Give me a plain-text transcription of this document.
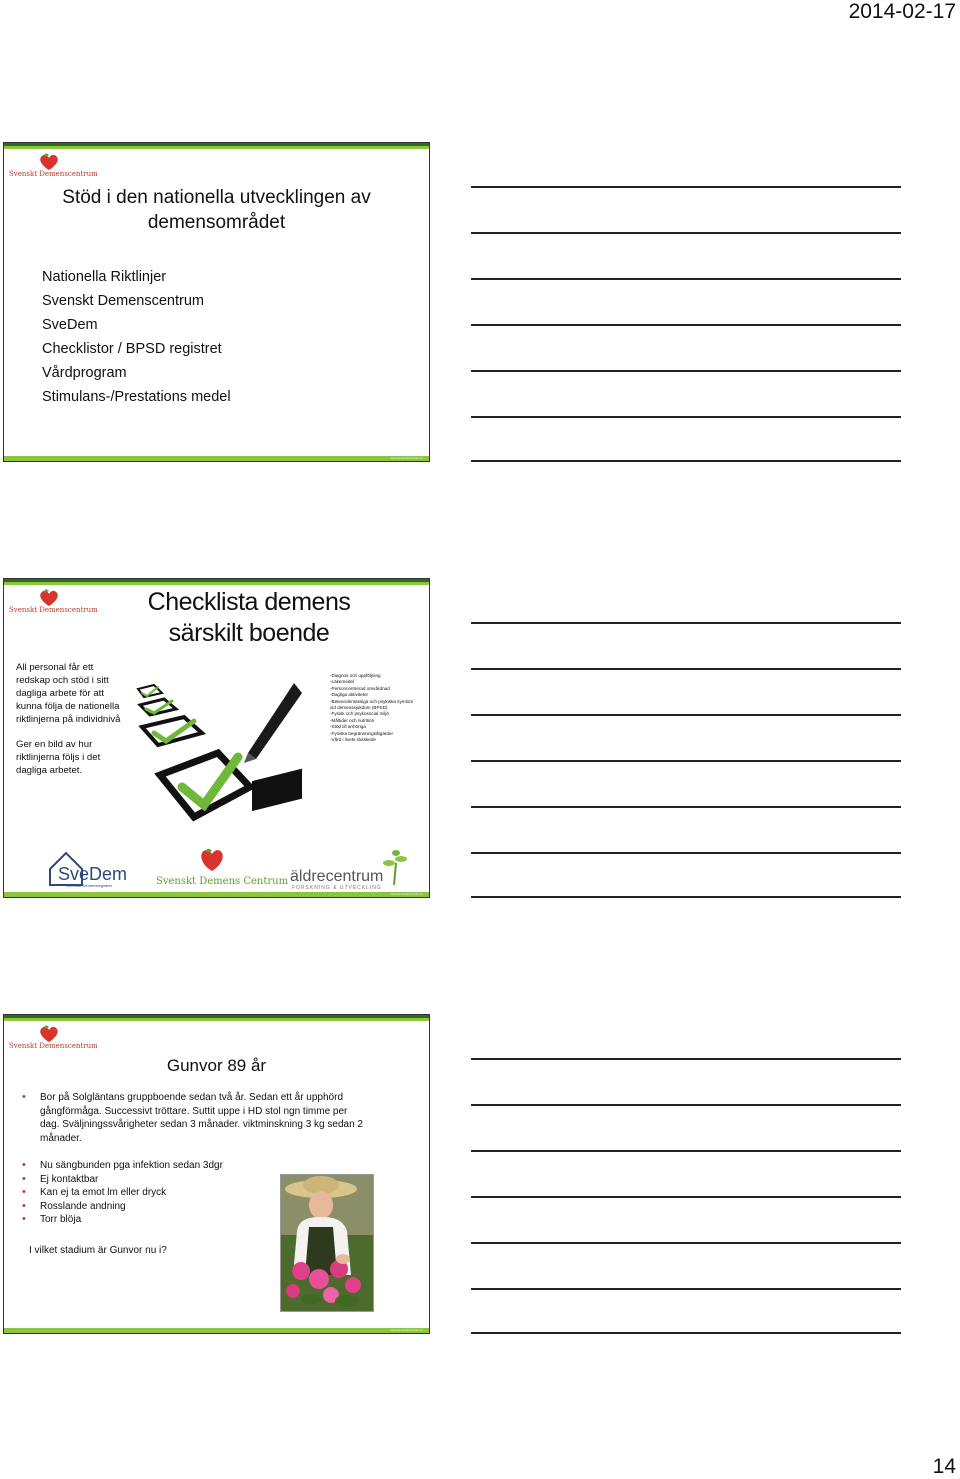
2014-02-17
Svenskt Demenscentrum
Stöd i den nationella utvecklingen av demensområdet
Nationella Riktlinjer
Svenskt Demenscentrum
SveDem
Checklistor / BPSD registret
Vårdprogram
Stimulans-/Prestations medel
www.demenscentrum.se
Svenskt Demenscentrum	Checklista demens särskilt boende

All personal får ett redskap och stöd i sitt dagliga arbete för att kunna följa de nationella riktlinjerna på individnivå

Ger en bild av hur riktlinjerna följs i det dagliga arbetet.

-Diagnos och uppföljning
-Läkemedel
-Personcentrerad omvårdnad
-Dagliga aktiviteter
-Beteendemässiga och psykiska symtom vid demenssjukdom (BPSD)
-Fysisk och psykosocial miljö
-Måltider och nutrition
-Stöd till anhöriga
-Fysiska begränsningsåtgärder
-Vård i livets slutskede
SveDem
Svenska Demensregistret	Svenskt Demens Centrum äldrecentrum
FORSKNING & UTVECKLING
www.demenscentrum.se
Svenskt Demenscentrum
Gunvor 89 år
• Bor på Solgläntans gruppboende sedan två år. Sedan ett år upphörd gångförmåga. Successivt tröttare. Suttit uppe i HD stol ngn timme per dag. Sväljningssvårigheter sedan 3 månader. viktminskning 3 kg sedan 2 månader.
• Nu sängbunden pga infektion sedan 3dgr
• Ej kontaktbar
• Kan ej ta emot lm eller dryck
• Rosslande andning
• Torr blöja
I vilket stadium är Gunvor nu i?
www.demenscentrum.se
14
